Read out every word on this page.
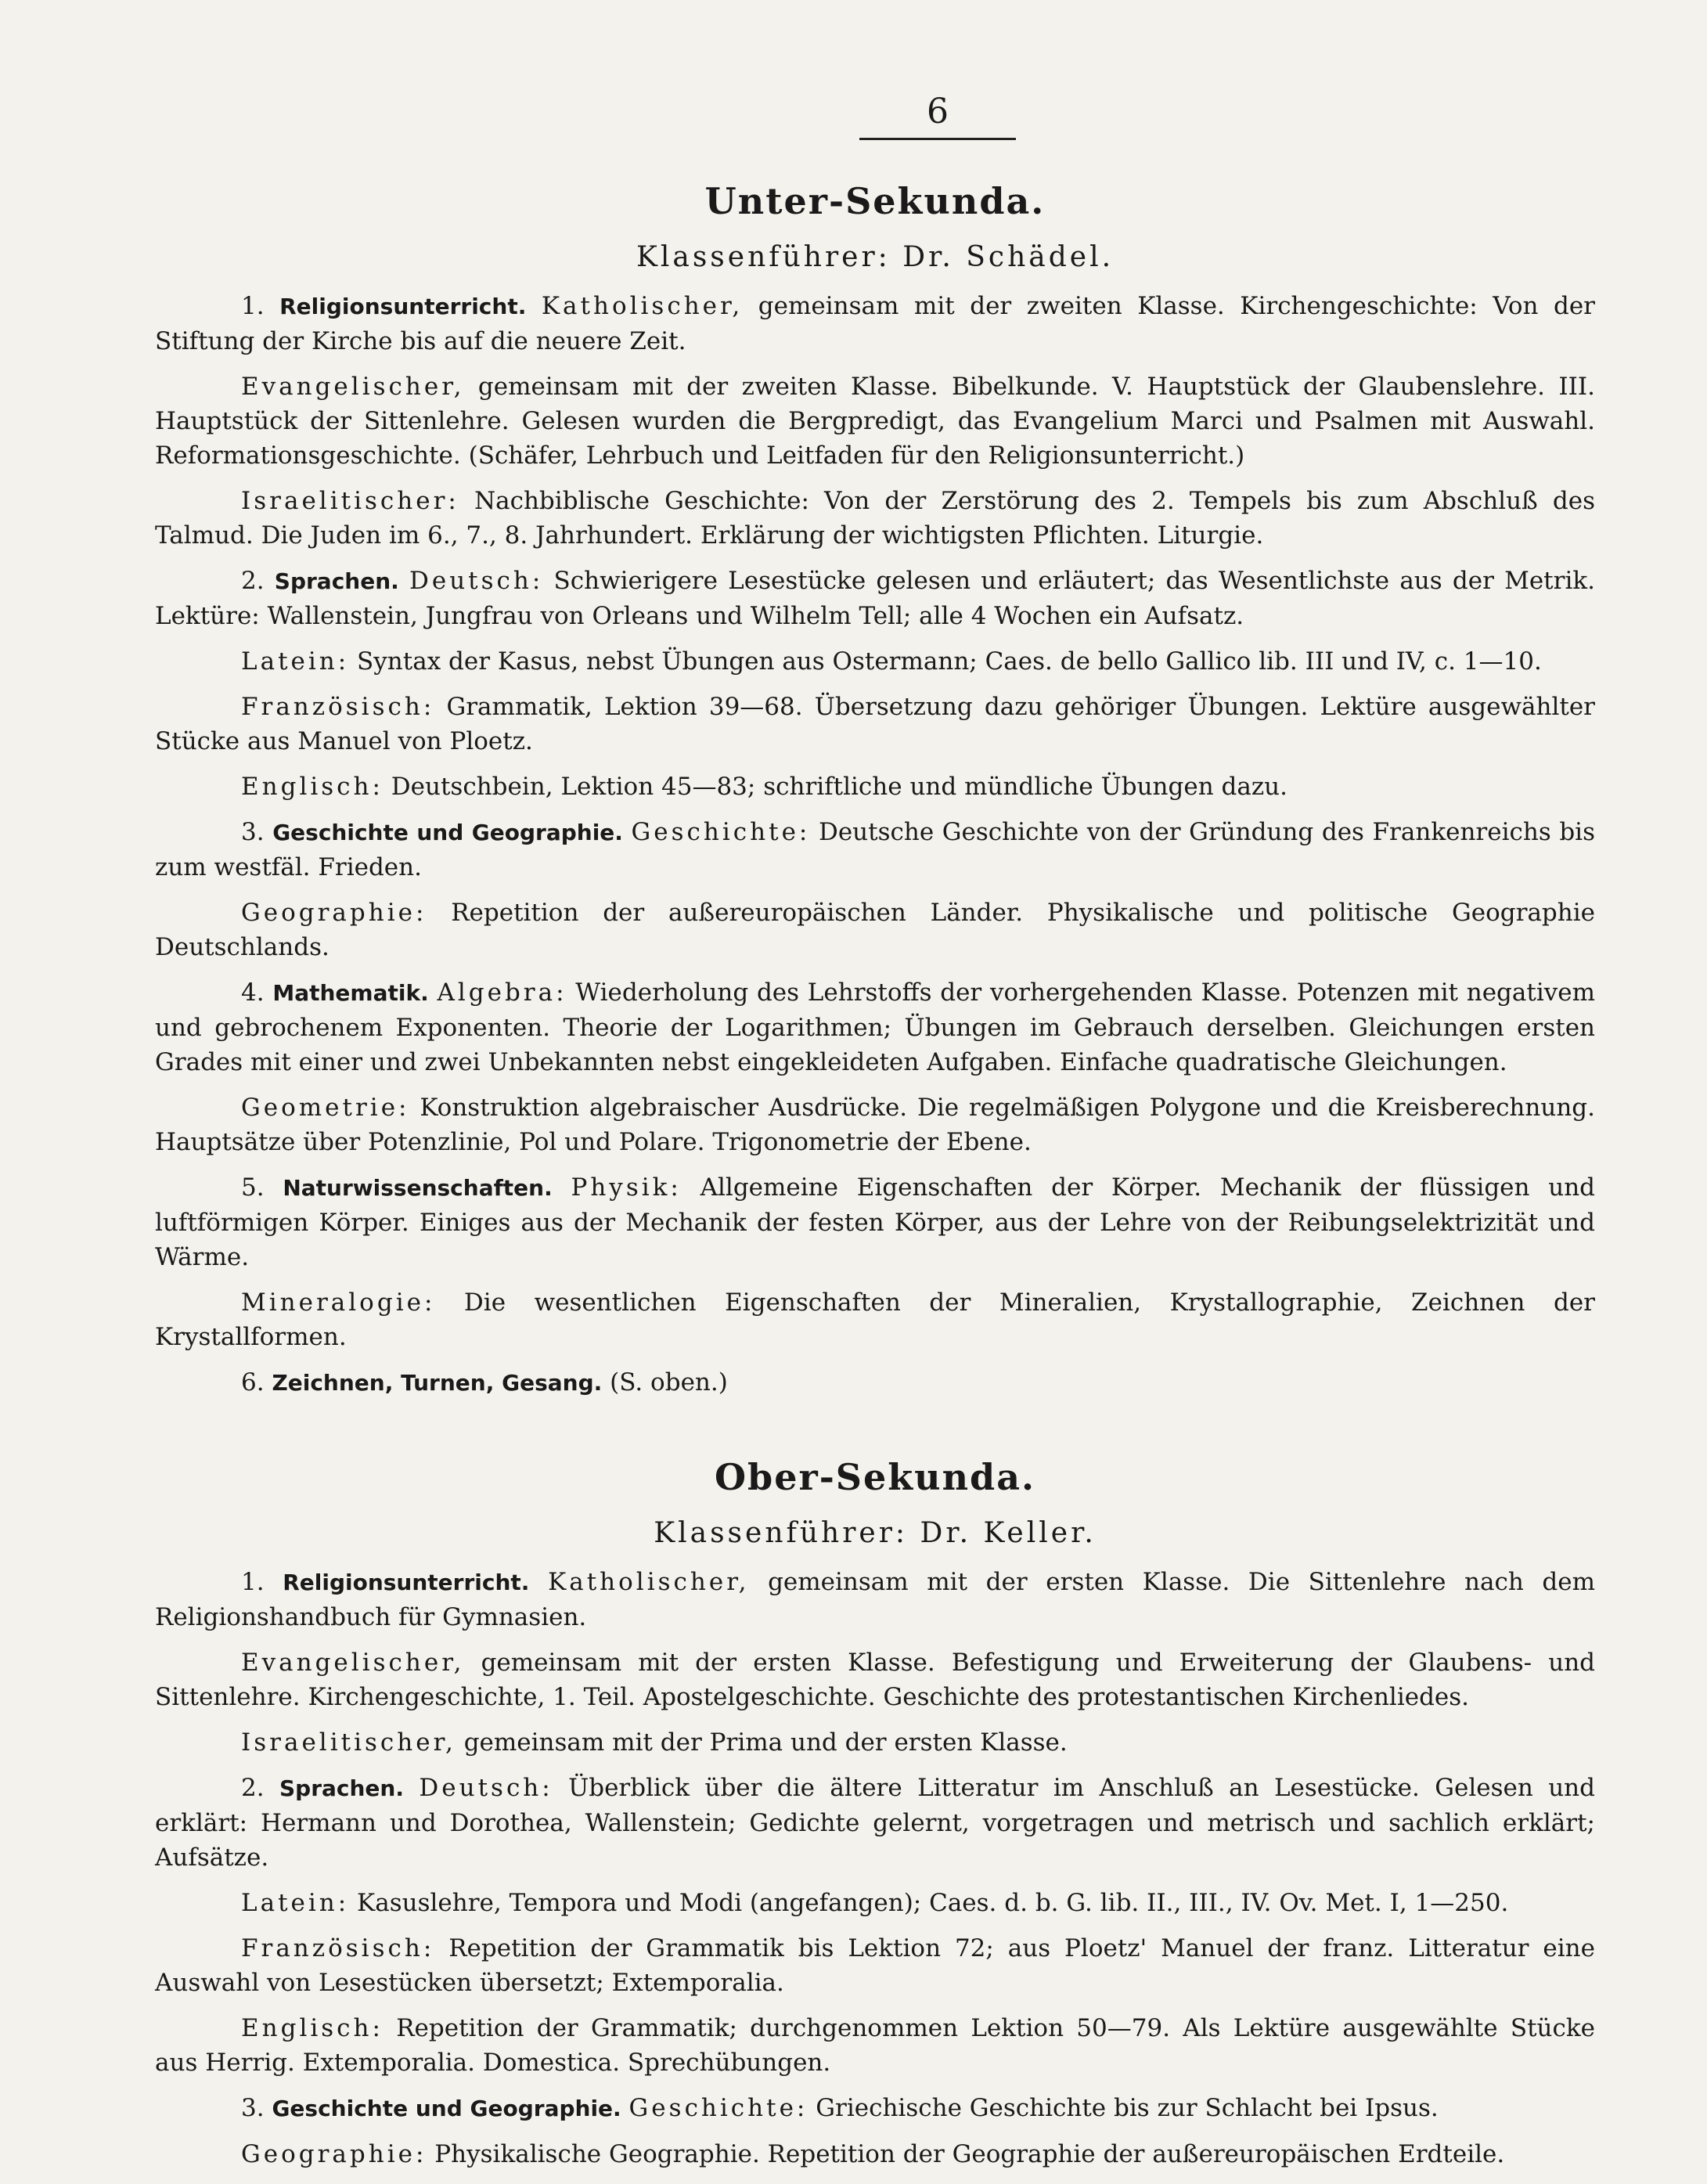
6
Unter-Sekunda.
Klassenführer: Dr. Schädel.

1. Religionsunterricht. Katholischer, gemeinsam mit der zweiten Klasse. Kirchengeschichte: Von der Stiftung der Kirche bis auf die neuere Zeit.

Evangelischer, gemeinsam mit der zweiten Klasse. Bibelkunde. V. Hauptstück der Glaubenslehre. III. Hauptstück der Sittenlehre. Gelesen wurden die Bergpredigt, das Evangelium Marci und Psalmen mit Auswahl. Reformationsgeschichte. (Schäfer, Lehrbuch und Leitfaden für den Religionsunterricht.)

Israelitischer: Nachbiblische Geschichte: Von der Zerstörung des 2. Tempels bis zum Abschluß des Talmud. Die Juden im 6., 7., 8. Jahrhundert. Erklärung der wichtigsten Pflichten. Liturgie.

2. Sprachen. Deutsch: Schwierigere Lesestücke gelesen und erläutert; das Wesentlichste aus der Metrik. Lektüre: Wallenstein, Jungfrau von Orleans und Wilhelm Tell; alle 4 Wochen ein Aufsatz.

Latein: Syntax der Kasus, nebst Übungen aus Ostermann; Caes. de bello Gallico lib. III und IV, c. 1—10.

Französisch: Grammatik, Lektion 39—68. Übersetzung dazu gehöriger Übungen. Lektüre ausgewählter Stücke aus Manuel von Ploetz.

Englisch: Deutschbein, Lektion 45—83; schriftliche und mündliche Übungen dazu.

3. Geschichte und Geographie. Geschichte: Deutsche Geschichte von der Gründung des Frankenreichs bis zum westfäl. Frieden.

Geographie: Repetition der außereuropäischen Länder. Physikalische und politische Geographie Deutschlands.

4. Mathematik. Algebra: Wiederholung des Lehrstoffs der vorhergehenden Klasse. Potenzen mit negativem und gebrochenem Exponenten. Theorie der Logarithmen; Übungen im Gebrauch derselben. Gleichungen ersten Grades mit einer und zwei Unbekannten nebst eingekleideten Aufgaben. Einfache quadratische Gleichungen.

Geometrie: Konstruktion algebraischer Ausdrücke. Die regelmäßigen Polygone und die Kreisberechnung. Hauptsätze über Potenzlinie, Pol und Polare. Trigonometrie der Ebene.

5. Naturwissenschaften. Physik: Allgemeine Eigenschaften der Körper. Mechanik der flüssigen und luftförmigen Körper. Einiges aus der Mechanik der festen Körper, aus der Lehre von der Reibungselektrizität und Wärme.

Mineralogie: Die wesentlichen Eigenschaften der Mineralien, Krystallographie, Zeichnen der Krystallformen.

6. Zeichnen, Turnen, Gesang. (S. oben.)

Ober-Sekunda.
Klassenführer: Dr. Keller.

1. Religionsunterricht. Katholischer, gemeinsam mit der ersten Klasse. Die Sittenlehre nach dem Religionshandbuch für Gymnasien.

Evangelischer, gemeinsam mit der ersten Klasse. Befestigung und Erweiterung der Glaubens- und Sittenlehre. Kirchengeschichte, 1. Teil. Apostelgeschichte. Geschichte des protestantischen Kirchenliedes.

Israelitischer, gemeinsam mit der Prima und der ersten Klasse.

2. Sprachen. Deutsch: Überblick über die ältere Litteratur im Anschluß an Lesestücke. Gelesen und erklärt: Hermann und Dorothea, Wallenstein; Gedichte gelernt, vorgetragen und metrisch und sachlich erklärt; Aufsätze.

Latein: Kasuslehre, Tempora und Modi (angefangen); Caes. d. b. G. lib. II., III., IV. Ov. Met. I, 1—250.

Französisch: Repetition der Grammatik bis Lektion 72; aus Ploetz' Manuel der franz. Litteratur eine Auswahl von Lesestücken übersetzt; Extemporalia.

Englisch: Repetition der Grammatik; durchgenommen Lektion 50—79. Als Lektüre ausgewählte Stücke aus Herrig. Extemporalia. Domestica. Sprechübungen.

3. Geschichte und Geographie. Geschichte: Griechische Geschichte bis zur Schlacht bei Ipsus.

Geographie: Physikalische Geographie. Repetition der Geographie der außereuropäischen Erdteile.
